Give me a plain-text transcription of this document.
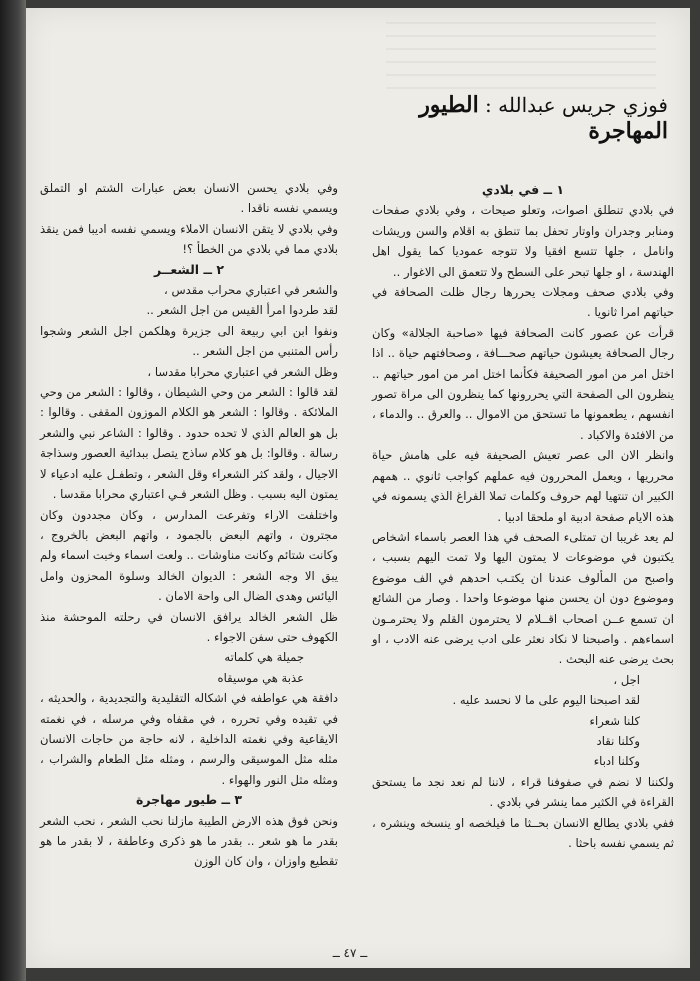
فوزي جريس عبدالله : الطيور المهاجرة

١ ــ في بلادي

في بلادي تنطلق اصوات، وتعلو صيحات ، وفي بلادي صفحات ومنابر وجدران واوتار تحفل بما تنطق به اقلام والسن وريشات وانامل ، جلها تتسع افقيا ولا تتوجه عموديا كما يقول اهل الهندسة ، او جلها تبحر على السطح ولا تتعمق الى الاغوار ..

وفي بلادي صحف ومجلات يحررها رجال ظلت الصحافة في حياتهم امرا ثانويا .

قرأت عن عصور كانت الصحافة فيها «صاحبة الجلالة» وكان رجال الصحافة يعيشون حياتهم صحـــافة ، وصحافتهم حياة .. اذا اختل امر من امور الصحيفة فكأنما اختل امر من امور حياتهم .. ينظرون الى الصفحة التي يحررونها كما ينظرون الى مراة تصور انفسهم ، يطعمونها ما تستحق من الاموال .. والعرق .. والدماء ، من الافئدة والاكباد .

وانظر الان الى عصر تعيش الصحيفة فيه على هامش حياة محرريها ، ويعمل المحررون فيه عملهم كواجب ثانوي .. همهم الكبير ان تنتهيا لهم حروف وكلمات تملا الفراغ الذي يسمونه في هذه الايام صفحة ادبية او ملحقا ادبيا .

لم يعد غريبا ان تمتلىء الصحف في هذا العصر باسماء اشخاص يكتبون في موضوعات لا يمتون اليها ولا تمت اليهم بسبب ، واصبح من المألوف عندنا ان يكتـب احدهم في الف موضوع وموضوع دون ان يحسن منها موضوعا واحدا . وصار من الشائع ان تسمع عــن اصحاب اقــلام لا يحترمون القلم ولا يحترمـون اسماءهم . واصبحنا لا نكاد نعثر على ادب يرضى عنه الادب ، او بحث يرضى عنه البحث .

اجل ،

لقد اصبحنا اليوم على ما لا نحسد عليه .

كلنا شعراء

وكلنا نقاد

وكلنا ادباء

ولكننا لا نضم في صفوفنا قراء ، لاننا لم نعد نجد ما يستحق القراءة في الكثير مما ينشر في بلادي .

ففي بلادي يطالع الانسان بحــثا ما فيلخصه او ينسخه وينشره ، ثم يسمي نفسه باحثا .

وفي بلادي يحسن الانسان بعض عبارات الشتم او التملق ويسمي نفسه ناقدا .

وفي بلادي لا يتقن الانسان الاملاء ويسمي نفسه اديبا فمن ينقذ بلادي مما في بلادي من الخطأ ؟!

٢ ــ الشعــر

والشعر في اعتباري محراب مقدس ،

لقد طردوا امرأ القيس من اجل الشعر ..

ونفوا ابن ابي ربيعة الى جزيرة وهلكمن اجل الشعر وشجوا رأس المتنبي من اجل الشعر ..

وظل الشعر في اعتباري محرابا مقدسا ،

لقد قالوا : الشعر من وحي الشيطان ، وقالوا : الشعر من وحي الملائكة . وقالوا : الشعر هو الكلام الموزون المقفى . وقالوا : بل هو العالم الذي لا تحده حدود . وقالوا : الشاعر نبي والشعر رسالة . وقالوا: بل هو كلام ساذج يتصل ببدائية العصور وسذاجة الاجيال ، ولقد كثر الشعراء وقل الشعر ، وتطفـل عليه ادعياء لا يمتون اليه بسبب . وظل الشعر فـي اعتباري محرابا مقدسا .

واختلفت الاراء وتفرعت المدارس ، وكان مجددون وكان مجترون ، واتهم البعض بالجمود ، واتهم البعض بالخروج ، وكانت شتائم وكانت مناوشات .. ولعت اسماء وخبت اسماء ولم يبق الا وجه الشعر : الديوان الخالد وسلوة المحزون وامل اليائس وهدى الضال الى واحة الامان .

ظل الشعر الخالد يرافق الانسان في رحلته الموحشة منذ الكهوف حتى سفن الاجواء .

جميلة هي كلماته

عذبة هي موسيقاه

دافقة هي عواطفه في اشكاله التقليدية والتجديدية ، والحديثه ، في تقيده وفي تحرره ، في مقفاه وفي مرسله ، في نغمته الايقاعية وفي نغمته الداخلية ، لانه حاجة من حاجات الانسان مثله مثل الموسيقى والرسم ، ومثله مثل الطعام والشراب ، ومثله مثل النور والهواء .

٣ ــ طيور مهاجرة

ونحن فوق هذه الارض الطيبة مازلنا نحب الشعر ، نحب الشعر بقدر ما هو شعر .. بقدر ما هو ذكرى وعاطفة ، لا بقدر ما هو تقطيع واوزان ، وان كان الوزن

ــ ٤٧ ــ
